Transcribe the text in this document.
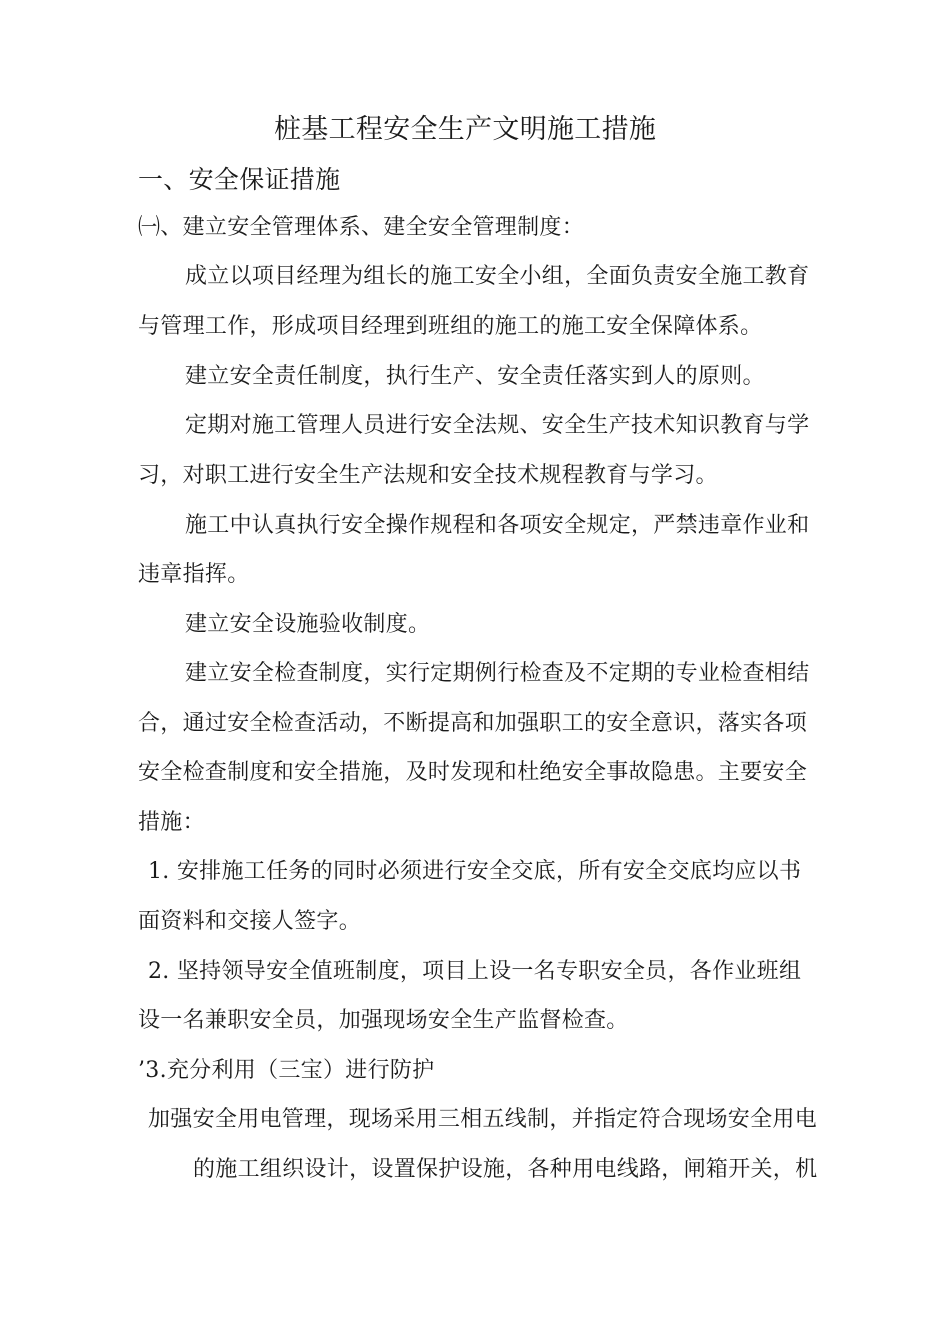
桩基工程安全生产文明施工措施
一、安全保证措施
㈠、建立安全管理体系、建全安全管理制度：
成立以项目经理为组长的施工安全小组，全面负责安全施工教育
与管理工作，形成项目经理到班组的施工的施工安全保障体系。
建立安全责任制度，执行生产、安全责任落实到人的原则。
定期对施工管理人员进行安全法规、安全生产技术知识教育与学
习，对职工进行安全生产法规和安全技术规程教育与学习。
施工中认真执行安全操作规程和各项安全规定，严禁违章作业和
违章指挥。
建立安全设施验收制度。
建立安全检查制度，实行定期例行检查及不定期的专业检查相结
合，通过安全检查活动，不断提高和加强职工的安全意识，落实各项
安全检查制度和安全措施，及时发现和杜绝安全事故隐患。主要安全
措施：
1. 安排施工任务的同时必须进行安全交底，所有安全交底均应以书
面资料和交接人签字。
2. 坚持领导安全值班制度，项目上设一名专职安全员，各作业班组
设一名兼职安全员，加强现场安全生产监督检查。
’3.充分利用（三宝）进行防护
加强安全用电管理，现场采用三相五线制，并指定符合现场安全用电
的施工组织设计，设置保护设施，各种用电线路，闸箱开关，机
